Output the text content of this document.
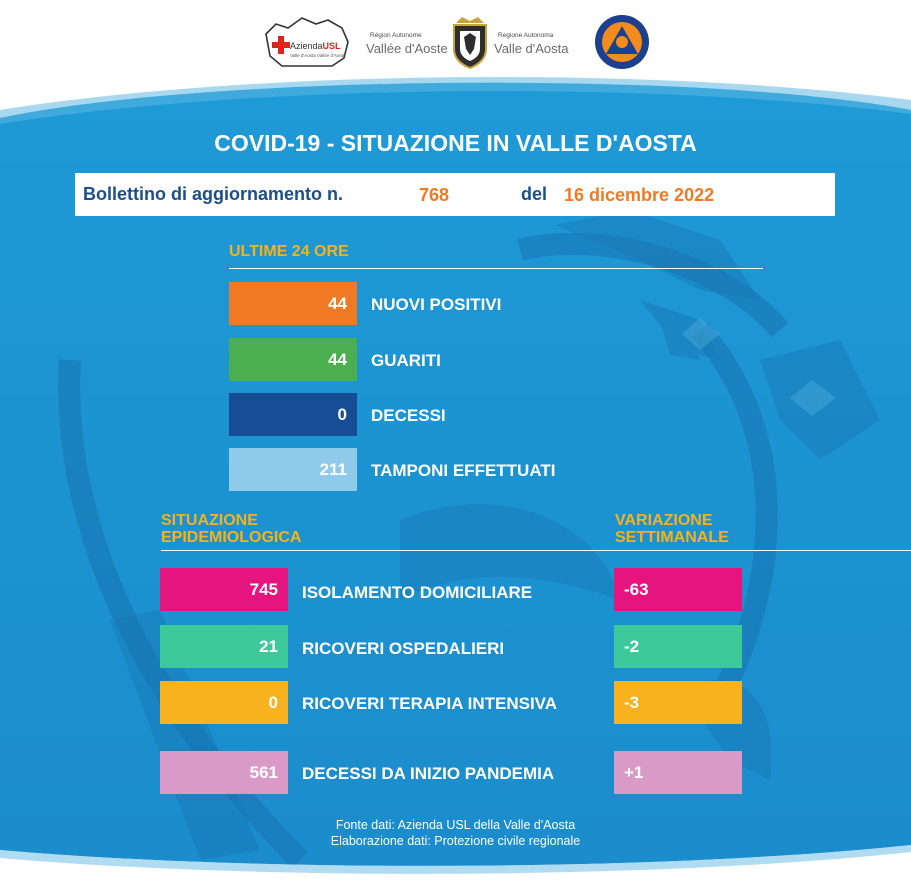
AziendaUSL
Valle d'Aosta Vallée d'Aoste
Région Autonome
Vallée d'Aoste
Regione Autonoma
Valle d'Aosta
COVID-19 - SITUAZIONE IN VALLE D'AOSTA
Bollettino di aggiornamento n.	768	del 16 dicembre 2022
ULTIME 24 ORE
44	NUOVI POSITIVI
44	GUARITI
0	DECESSI
211	TAMPONI EFFETTUATI
SITUAZIONE
EPIDEMIOLOGICA
VARIAZIONE
SETTIMANALE
745	ISOLAMENTO DOMICILIARE	-63
21	RICOVERI OSPEDALIERI	-2
0	RICOVERI TERAPIA INTENSIVA	-3
561	DECESSI DA INIZIO PANDEMIA	+1
Fonte dati: Azienda USL della Valle d'Aosta
Elaborazione dati: Protezione civile regionale
